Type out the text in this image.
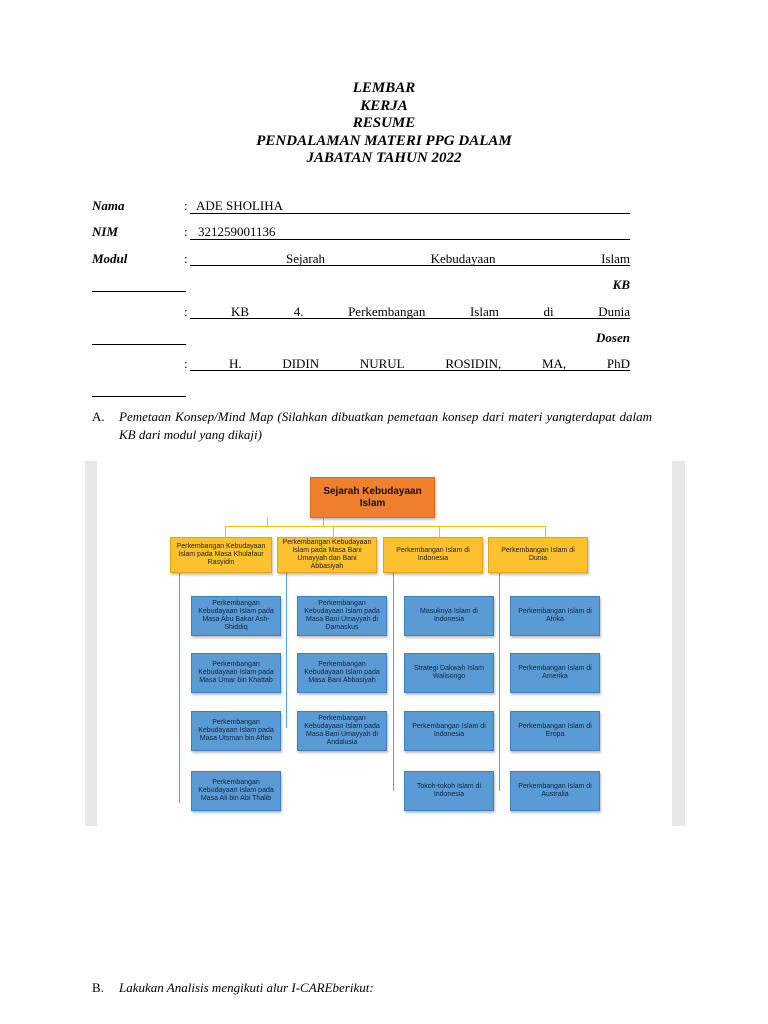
LEMBAR
KERJA
RESUME
PENDALAMAN MATERI PPG DALAM
JABATAN TAHUN 2022
Nama	: ADE SHOLIHA
NIM	: 321259001136
Modul	:	Sejarah	Kebudayaan	Islam
KB
:	KB	4.	Perkembangan	Islam	di	Dunia
Dosen
:	H.	DIDIN	NURUL	ROSIDIN,	MA,	PhD
A. Pemetaan Konsep/Mind Map (Silahkan dibuatkan pemetaan konsep dari materi yangterdapat dalam KB dari modul yang dikaji)
Sejarah Kebudayaan Islam
Perkembangan Kebudayaan Islam pada Masa Khulafaur Rasyidin
Perkembangan Kebudayaan Islam pada Masa Bani Umayyah dan Bani Abbasiyah
Perkembangan Islam di Indonesia
Perkembangan Islam di Dunia
Perkembangan Kebudayaan Islam pada Masa Abu Bakar Ash-Shiddiq
Perkembangan Kebudayaan Islam pada Masa Umar bin Khattab
Perkembangan Kebudayaan Islam pada Masa Utsman bin Affan
Perkembangan Kebudayaan Islam pada Masa Ali bin Abi Thalib
Perkembangan Kebudayaan Islam pada Masa Bani Umayyah di Damaskus
Perkembangan Kebudayaan Islam pada Masa Bani Abbasiyah
Perkembangan Kebudayaan Islam pada Masa Bani Umayyah di Andalusia
Masuknya Islam di Indonesia
Strategi Dakwah Islam Walisongo
Perkembangan Islam di Indonesia
Tokoh-tokoh Islam di Indonesia
Perkembangan Islam di Afrika
Perkembangan Islam di Amerika
Perkembangan Islam di Eropa
Perkembangan Islam di Australia
B. Lakukan Analisis mengikuti alur I-CAREberikut:
